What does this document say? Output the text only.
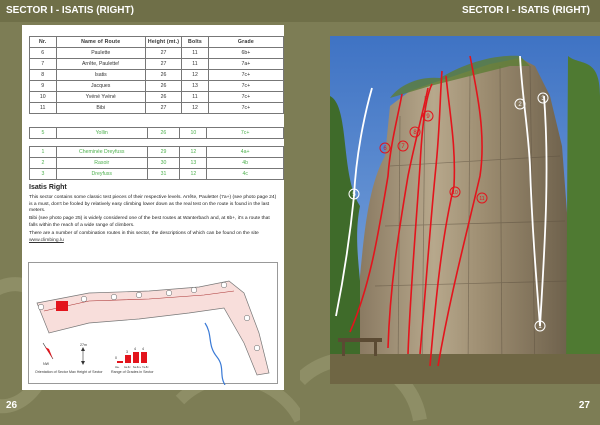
SECTOR I - ISATIS (RIGHT)
Nr.	Name of Route	Height (mt.)	Bolts	Grade
6	Paulette	27	11	6b+
7	Arrête, Paulette!	27	11	7a+
8	Isatis	26	12	7c+
9	Jacques	26	13	7c+
10	Yvéné Yvéné	26	11	7c+
11	Bibi	27	12	7c+
5	Yollin	26	10	7c+
1	Cheminée Dreyfuss	29	12	4a+
2	Rasoir	30	13	4b
3	Dreyfuss	31	12	4c
Isatis Right

This sector contains some classic test pieces of their respective levels. Arrête, Paulette! (7a+) (see photo page 24) is a must, don't be fooled by relatively easy climbing lower down as the real test on the route is found in the last meters.

Bibi (see photo page 25) is widely considered one of the best routes at Wanterbach and, at 6b+, it's a route that falls within the reach of a wide range of climbers.

There are a number of combination routes in this sector, the descriptions of which can be found on the site

www.climbing.lu
NW
27m
0
3
4 4
3a+ 4a-6c 6a-6c+ 7a-8c
Orientation of Sector Max Height of Sector Range of Grades in Sector
26
SECTOR I - ISATIS (RIGHT)
1
2
3
5
6 7
8
9
10
11
27
